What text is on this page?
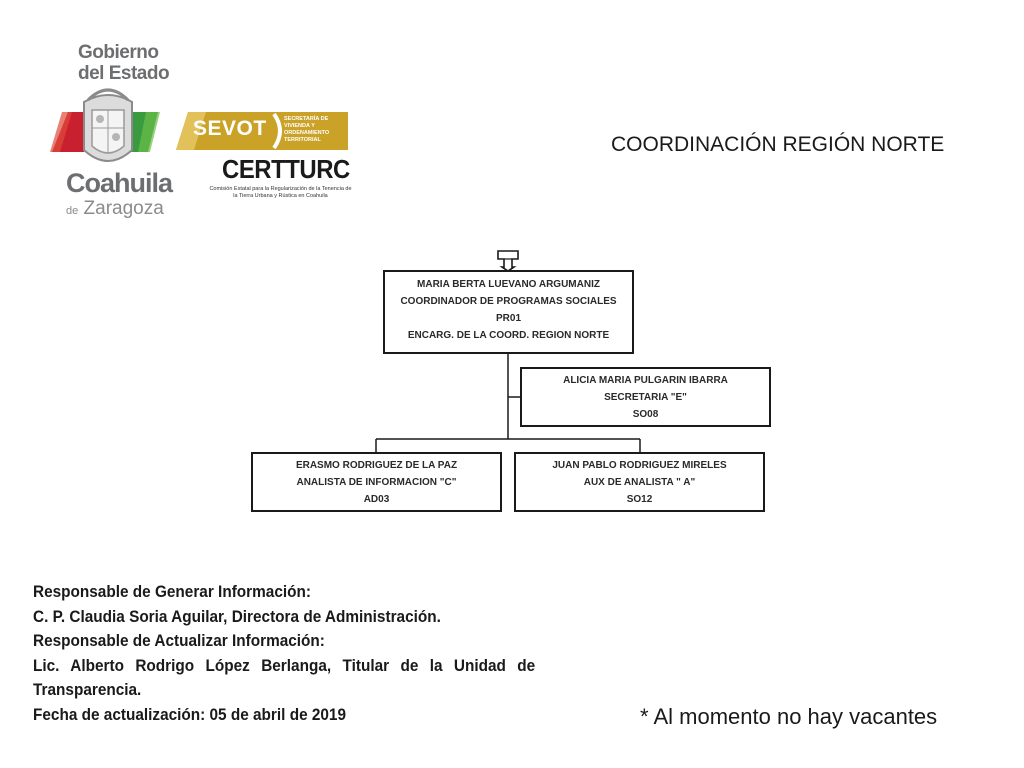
Gobierno
del Estado
Coahuila
de Zaragoza
SEVOT	SECRETARÍA DE VIVIENDA Y ORDENAMIENTO TERRITORIAL
CERTTURC
Comisión Estatal para la Regularización de la Tenencia de la Tierra Urbana y Rústica en Coahuila
COORDINACIÓN REGIÓN NORTE
MARIA BERTA LUEVANO ARGUMANIZ
COORDINADOR DE PROGRAMAS SOCIALES
PR01
ENCARG. DE LA COORD. REGION NORTE
ALICIA MARIA PULGARIN IBARRA
SECRETARIA "E"
SO08
ERASMO RODRIGUEZ DE LA PAZ
ANALISTA DE INFORMACION "C"
AD03
JUAN PABLO RODRIGUEZ MIRELES
AUX DE ANALISTA " A"
SO12
Responsable de Generar Información:
C. P. Claudia Soria Aguilar, Directora de Administración.
Responsable de Actualizar Información:
Lic. Alberto Rodrigo López Berlanga, Titular de la Unidad de Transparencia.
Fecha de actualización: 05 de abril de 2019	* Al momento no hay vacantes
